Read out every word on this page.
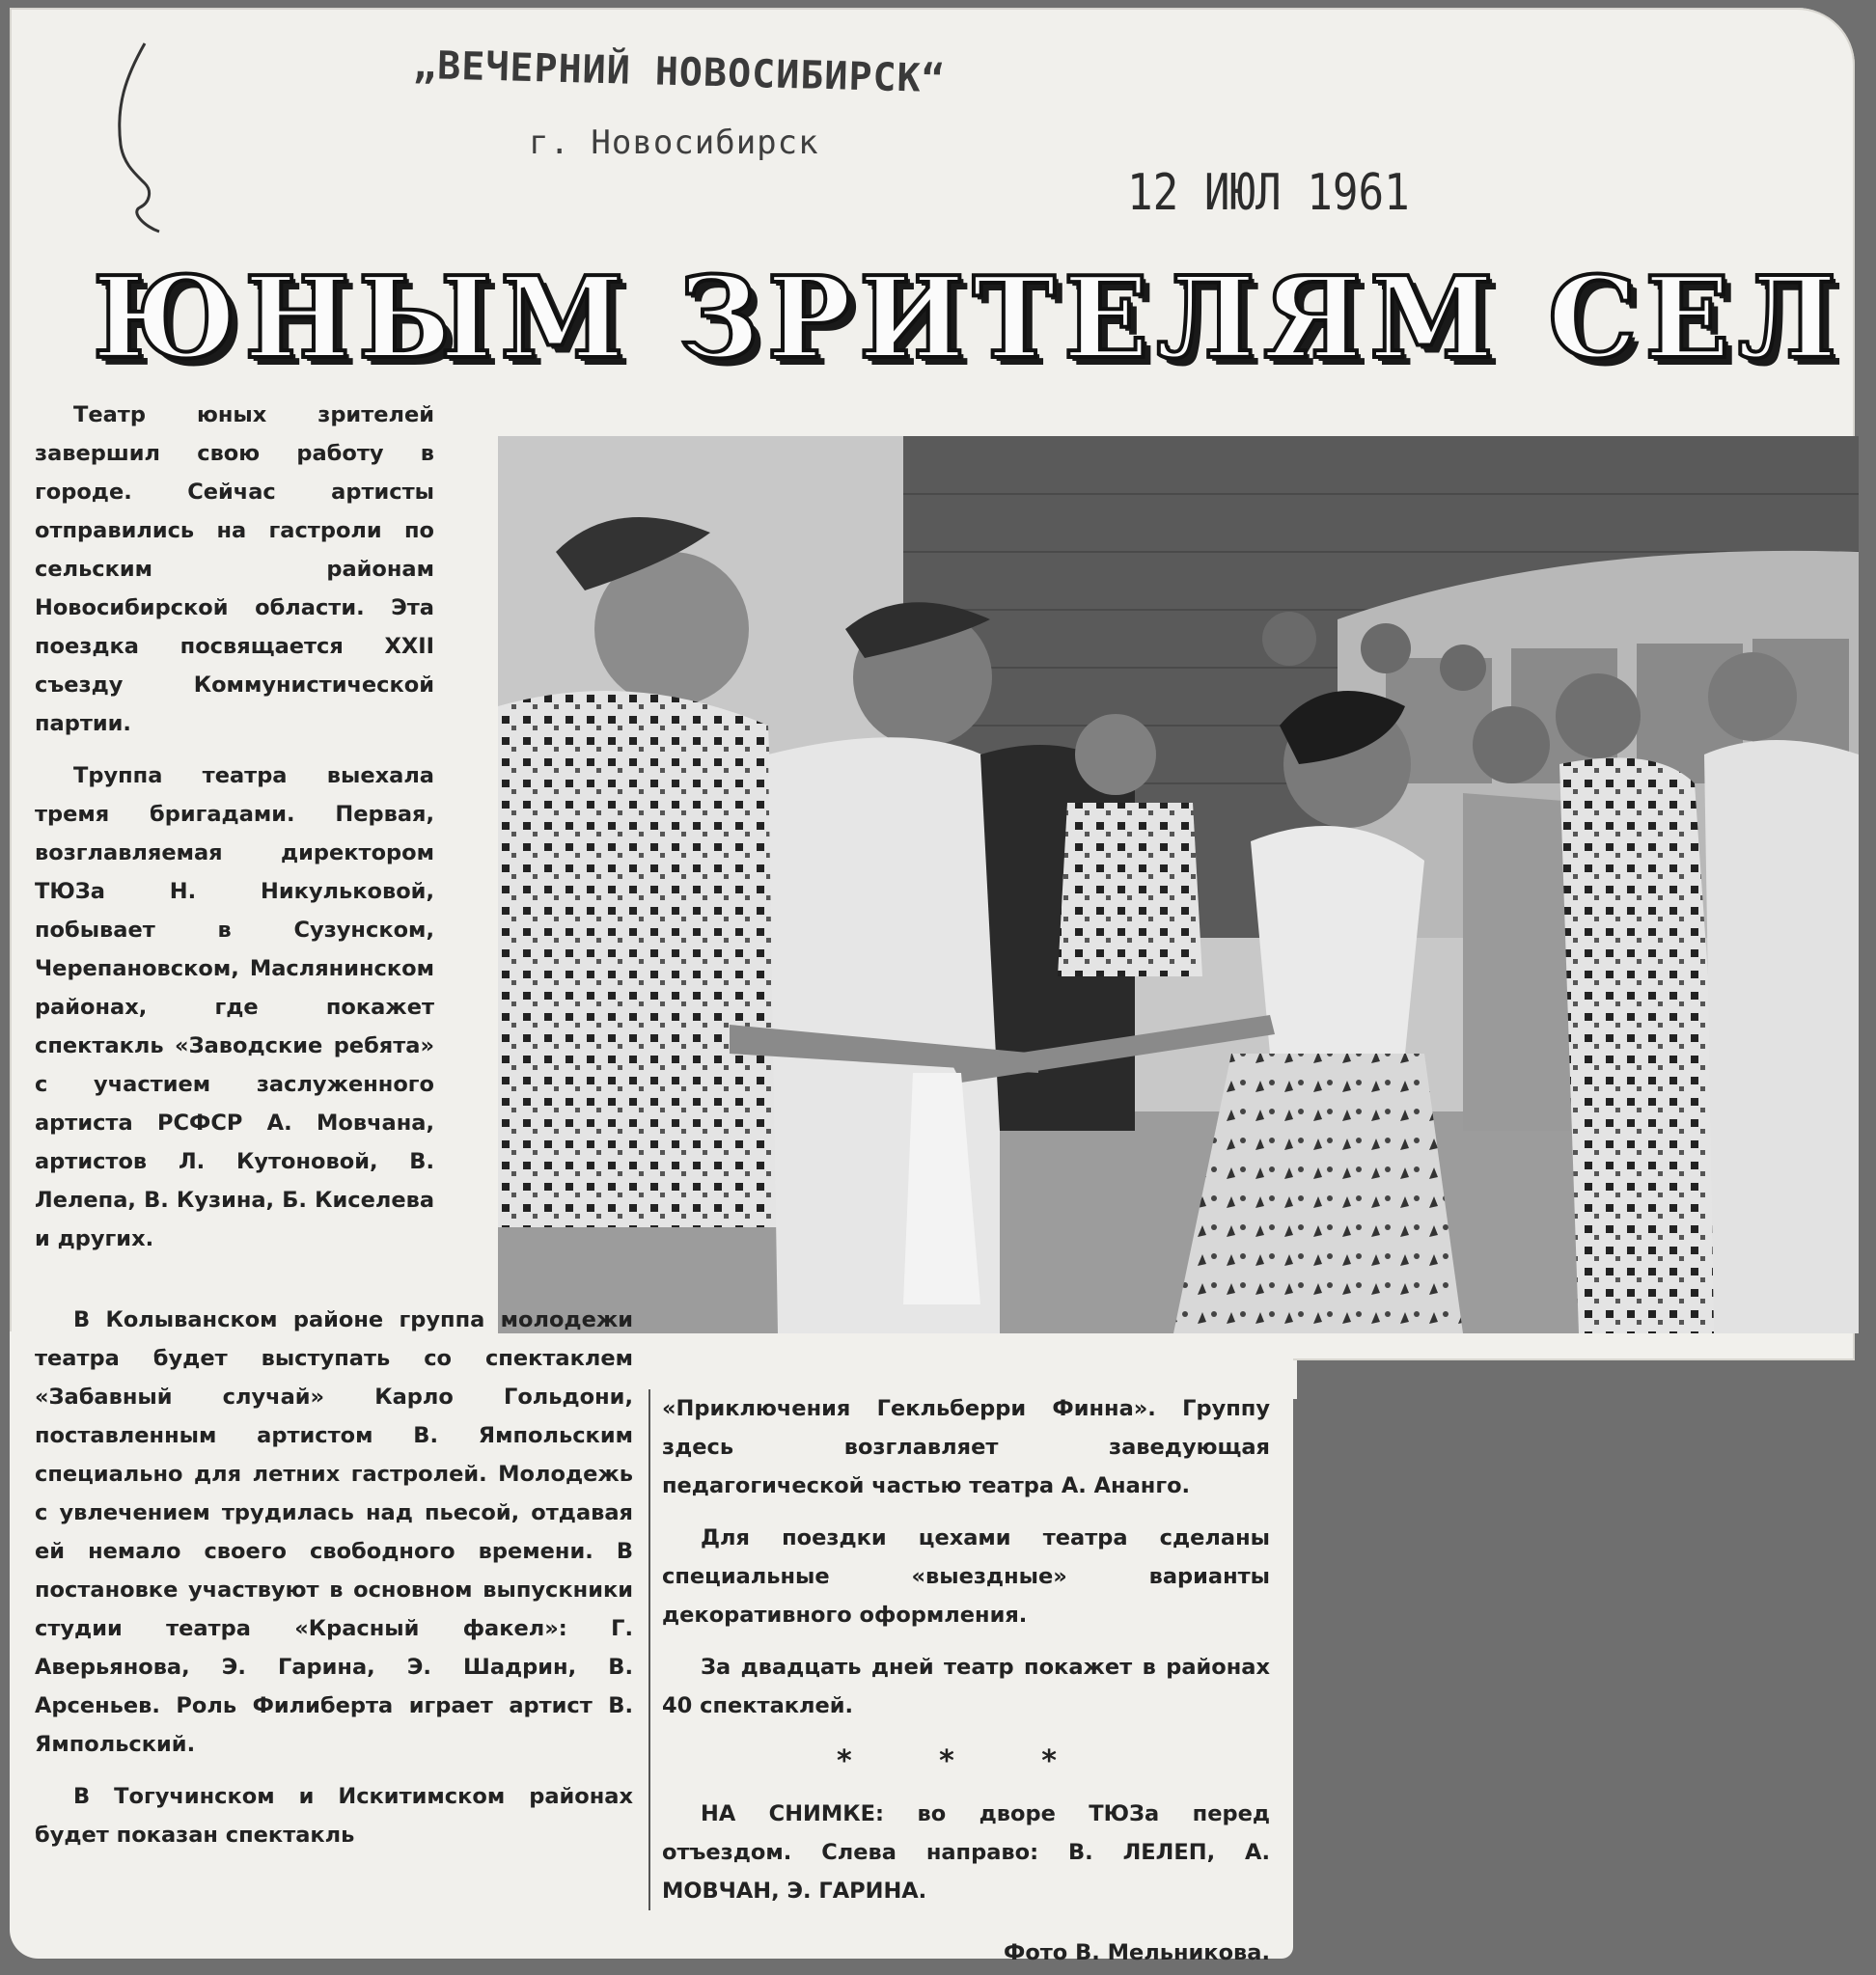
„ВЕЧЕРНИЙ НОВОСИБИРСК“
г. Новосибирск
12 ИЮЛ 1961
ЮНЫМ ЗРИТЕЛЯМ СЕЛ

Театр юных зрителей завершил свою работу в городе. Сейчас артисты отправились на гастроли по сельским районам Новосибирской области. Эта поездка посвящается XXII съезду Коммунистической партии.

Труппа театра выехала тремя бригадами. Первая, возглавляемая директором ТЮЗа Н. Никульковой, побывает в Сузунском, Черепановском, Маслянинском районах, где покажет спектакль «Заводские ребята» с участием заслуженного артиста РСФСР А. Мовчана, артистов Л. Кутоновой, В. Лелепа, В. Кузина, Б. Киселева и других.

В Колыванском районе группа молодежи театра будет выступать со спектаклем «Забавный случай» Карло Гольдони, поставленным артистом В. Ямпольским специально для летних гастролей. Молодежь с увлечением трудилась над пьесой, отдавая ей немало своего свободного времени. В постановке участвуют в основном выпускники студии театра «Красный факел»: Г. Аверьянова, Э. Гарина, Э. Шадрин, В. Арсеньев. Роль Филиберта играет артист В. Ямпольский.

В Тогучинском и Искитимском районах будет показан спектакль

«Приключения Гекльберри Финна». Группу здесь возглавляет заведующая педагогической частью театра А. Ананго.

Для поездки цехами театра сделаны специальные «выездные» варианты декоративного оформления.

За двадцать дней театр покажет в районах 40 спектаклей.

* * *

НА СНИМКЕ: во дворе ТЮЗа перед отъездом. Слева направо: В. ЛЕЛЕП, А. МОВЧАН, Э. ГАРИНА.

Фото В. Мельникова.
